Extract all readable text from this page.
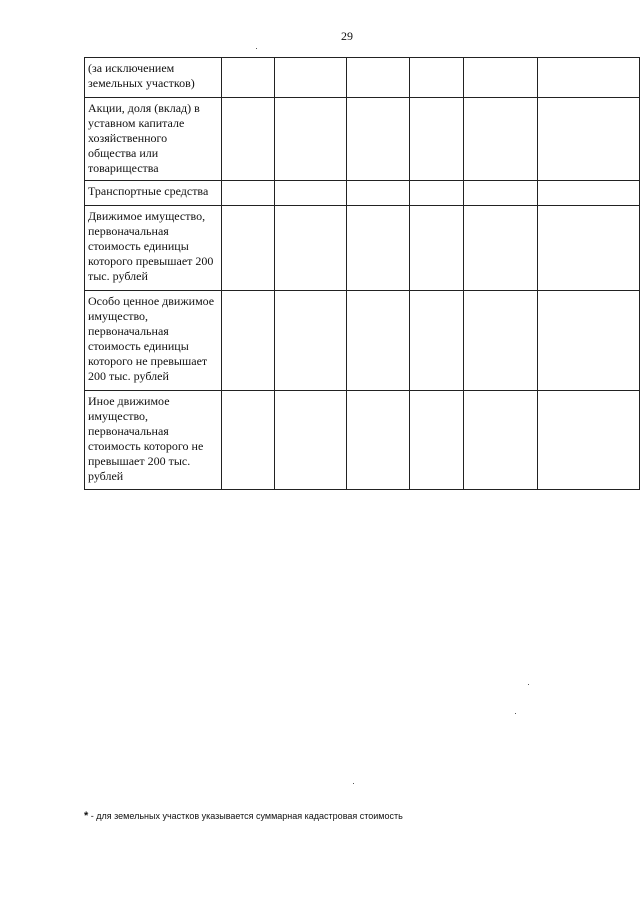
29
(за исключением земельных участков)						
Акции, доля (вклад) в уставном капитале хозяйственного общества или товарищества						
Транспортные средства						
Движимое имущество, первоначальная стоимость единицы которого превышает 200 тыс. рублей						
Особо ценное движимое имущество, первоначальная стоимость единицы которого не превышает 200 тыс. рублей						
Иное движимое имущество, первоначальная стоимость которого не превышает 200 тыс. рублей						
* - для земельных участков указывается суммарная кадастровая стоимость
